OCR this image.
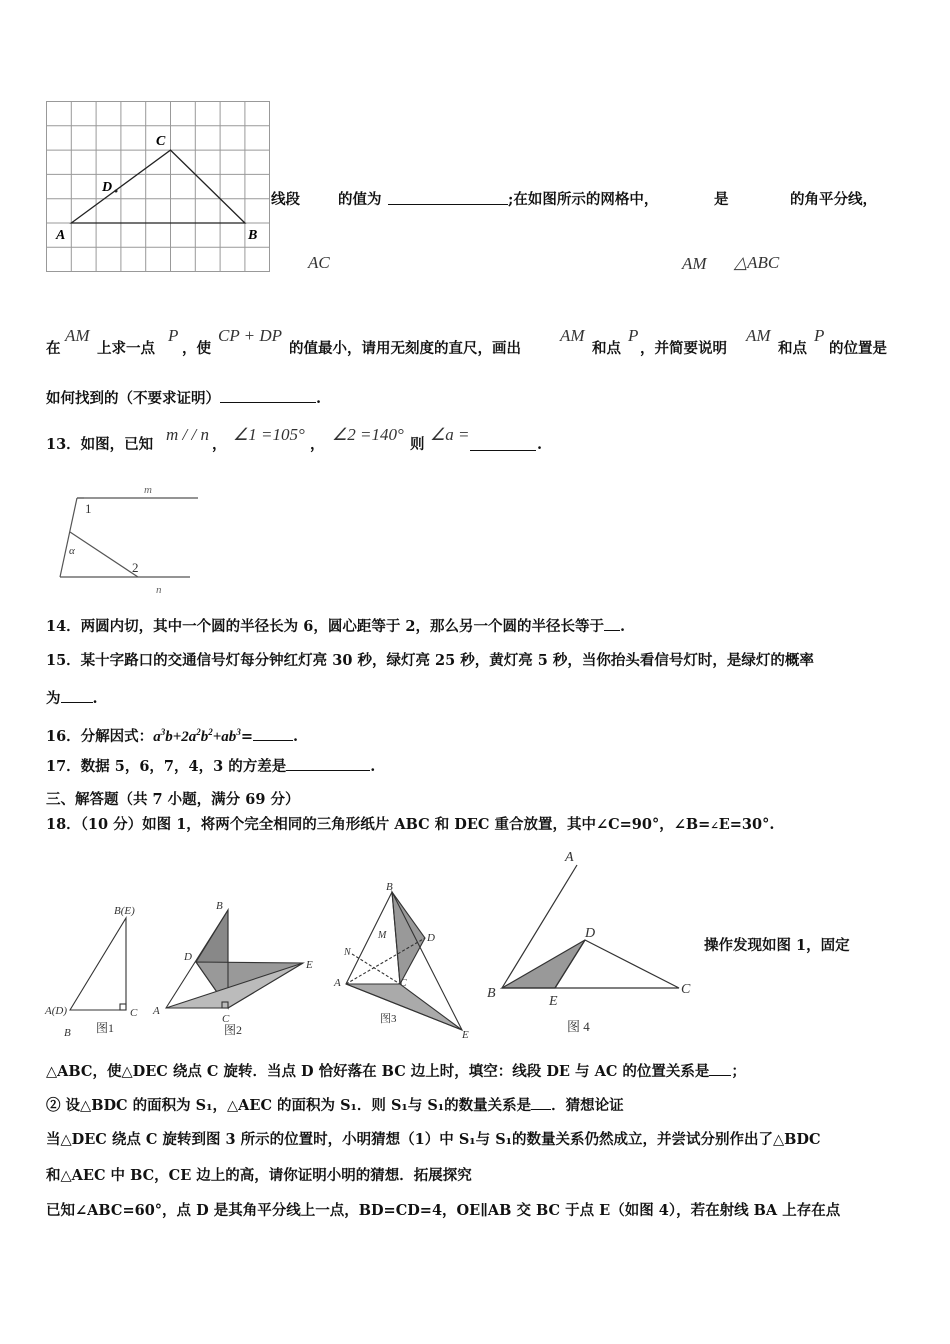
C
D
A	B
线段	的值为	;在如图所示的网格中，	是	的角平分线，
AC	AM △ABC
在
AM
上求一点
P
，使
CP + DP
的值最小，请用无刻度的直尺，画出
AM
和点
P
，并简要说明
AM
和点
P
的位置是
如何找到的（不要求证明）	.
13．如图，已知
m / / n
，
∠1 =105°
，
∠2 =140°
则
∠a =
.
m
n
1
2
α
14．两圆内切，其中一个圆的半径长为 6，圆心距等于 2，那么另一个圆的半径长等于 .
15．某十字路口的交通信号灯每分钟红灯亮 30 秒，绿灯亮 25 秒，黄灯亮 5 秒，当你抬头看信号灯时，是绿灯的概率
为 .
16．分解因式：$a^3b+2a^2b^2+ab^3=$	.
17．数据 5，6，7，4，3 的方差是	.
三、解答题（共 7 小题，满分 69 分）
18．（10 分）如图 1，将两个完全相同的三角形纸片 ABC 和 DEC 重合放置，其中∠C=90°，∠B=∠E=30°.
B(E)
A(D)	C
B 图1
B
D
E
A
C
图2
B
M	D
N
A	C
E
图3
A
D
B
E
C
图 4
操作发现如图 1，固定
△ABC，使△DEC 绕点 C 旋转．当点 D 恰好落在 BC 边上时，填空：线段 DE 与 AC 的位置关系是 ；
② 设△BDC 的面积为 S₁，△AEC 的面积为 S₁．则 S₁与 S₁的数量关系是 ．猜想论证
当△DEC 绕点 C 旋转到图 3 所示的位置时，小明猜想（1）中 S₁与 S₁的数量关系仍然成立，并尝试分别作出了△BDC
和△AEC 中 BC，CE 边上的高，请你证明小明的猜想．拓展探究
已知∠ABC=60°，点 D 是其角平分线上一点，BD=CD=4，OE∥AB 交 BC 于点 E（如图 4），若在射线 BA 上存在点
